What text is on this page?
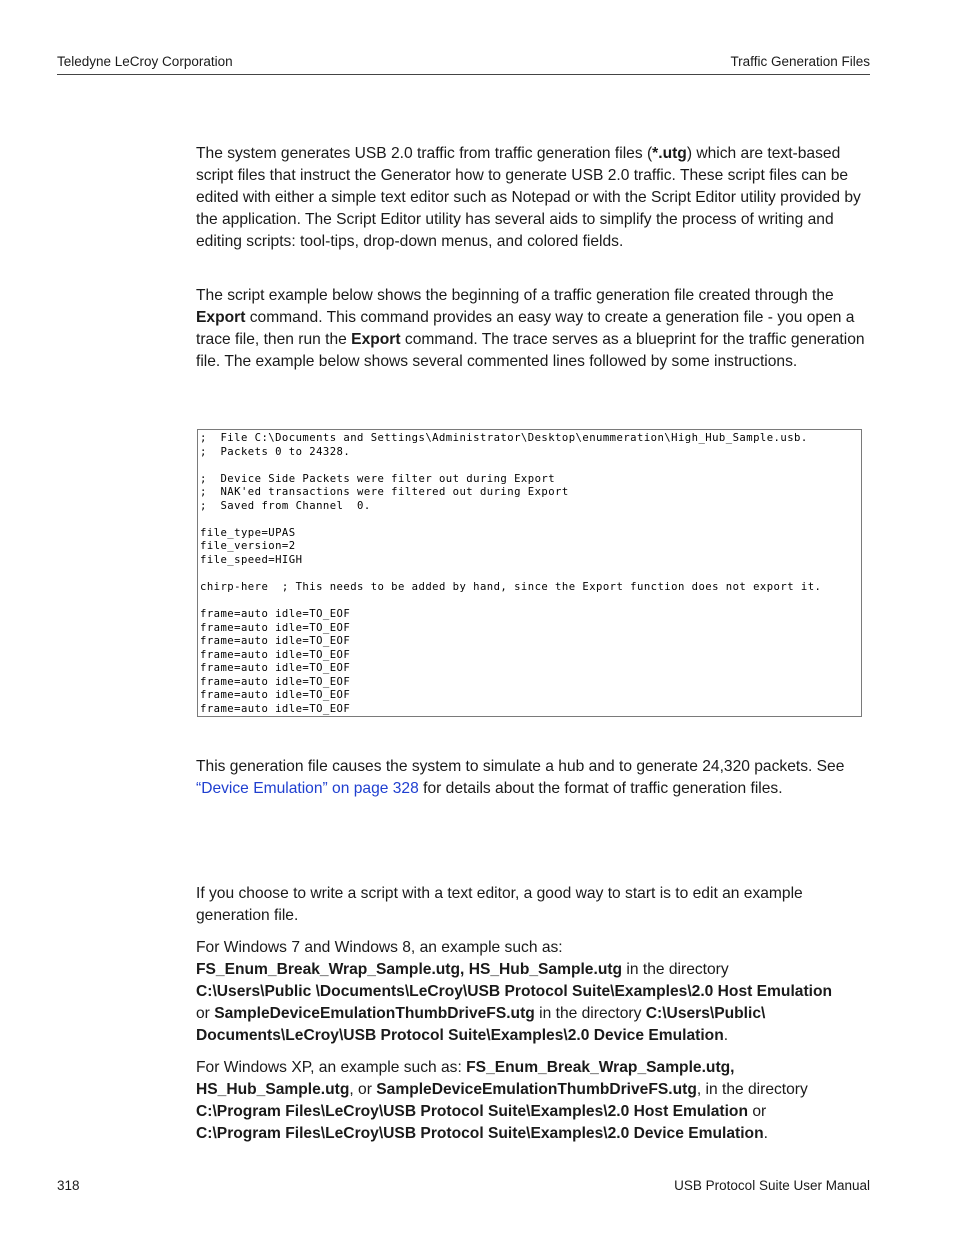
Teledyne LeCroy Corporation	Traffic Generation Files

The system generates USB 2.0 traffic from traffic generation files (*.utg) which are text-based script files that instruct the Generator how to generate USB 2.0 traffic. These script files can be edited with either a simple text editor such as Notepad or with the Script Editor utility provided by the application. The Script Editor utility has several aids to simplify the process of writing and editing scripts: tool-tips, drop-down menus, and colored fields.

The script example below shows the beginning of a traffic generation file created through the Export command. This command provides an easy way to create a generation file - you open a trace file, then run the Export command. The trace serves as a blueprint for the traffic generation file. The example below shows several commented lines followed by some instructions.

;  File C:\Documents and Settings\Administrator\Desktop\enummeration\High_Hub_Sample.usb.
;  Packets 0 to 24328.

;  Device Side Packets were filter out during Export
;  NAK'ed transactions were filtered out during Export
;  Saved from Channel  0.

file_type=UPAS
file_version=2
file_speed=HIGH

chirp-here  ; This needs to be added by hand, since the Export function does not export it.

frame=auto idle=TO_EOF
frame=auto idle=TO_EOF
frame=auto idle=TO_EOF
frame=auto idle=TO_EOF
frame=auto idle=TO_EOF
frame=auto idle=TO_EOF
frame=auto idle=TO_EOF
frame=auto idle=TO_EOF

This generation file causes the system to simulate a hub and to generate 24,320 packets. See “Device Emulation” on page 328 for details about the format of traffic generation files.

If you choose to write a script with a text editor, a good way to start is to edit an example generation file.

For Windows 7 and Windows 8, an example such as:
FS_Enum_Break_Wrap_Sample.utg, HS_Hub_Sample.utg in the directory
C:\Users\Public \Documents\LeCroy\USB Protocol Suite\Examples\2.0 Host Emulation
or SampleDeviceEmulationThumbDriveFS.utg in the directory C:\Users\Public\ Documents\LeCroy\USB Protocol Suite\Examples\2.0 Device Emulation.

For Windows XP, an example such as: FS_Enum_Break_Wrap_Sample.utg, HS_Hub_Sample.utg, or SampleDeviceEmulationThumbDriveFS.utg, in the directory
C:\Program Files\LeCroy\USB Protocol Suite\Examples\2.0 Host Emulation or
C:\Program Files\LeCroy\USB Protocol Suite\Examples\2.0 Device Emulation.

318	USB Protocol Suite User Manual
